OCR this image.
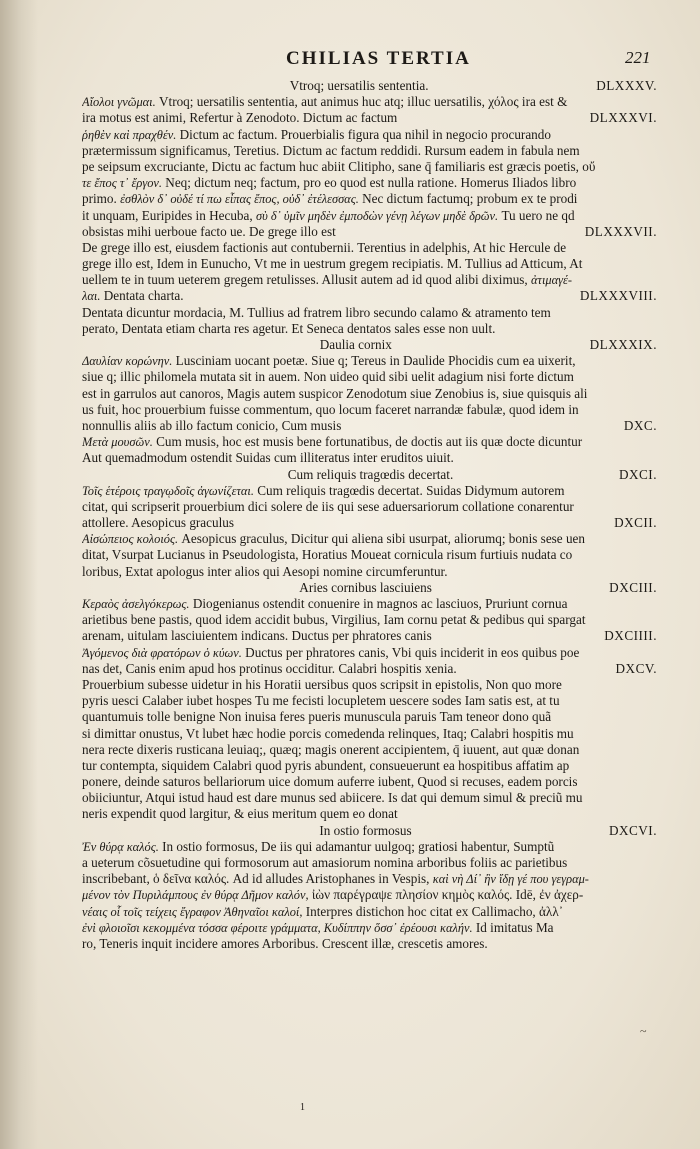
CHILIAS TERTIA	221
Vtroq; uersatilis sententia.	DLXXXV.
Αἴολοι γνῶμαι. Vtroq; uersatilis sententia, aut animus huc atq; illuc uersatilis, χόλος ira est &
ira motus est animi, Refertur à Zenodoto. Dictum ac factum	DLXXXVI.
ῥηθὲν καὶ πραχθέν. Dictum ac factum. Prouerbialis figura qua nihil in negocio procurando
prætermissum significamus, Teretius. Dictum ac factum reddidi. Rursum eadem in fabula nem
pe seipsum excruciante, Dictu ac factum huc abiit Clitipho, sane q̄ familiaris est græcis poetis, οὔ
τε ἔπος τ᾽ ἔργον. Neq; dictum neq; factum, pro eo quod est nulla ratione. Homerus Iliados libro
primo. ἐσθλὸν δ᾽ οὐδέ τί πω εἶπας ἔπος, οὐδ᾽ ἐτέλεσσας. Nec dictum factumq; probum ex te prodi
it unquam, Euripides in Hecuba, σὺ δ᾽ ὑμῖν μηδὲν ἐμποδὼν γένῃ λέγων μηδὲ δρῶν. Tu uero ne qd
obsistas mihi uerboue facto ue. De grege illo est	DLXXXVII.
De grege illo est, eiusdem factionis aut contubernii. Terentius in adelphis, At hic Hercule de
grege illo est, Idem in Eunucho, Vt me in uestrum gregem recipiatis. M. Tullius ad Atticum, At
uellem te in tuum ueterem gregem retulisses. Allusit autem ad id quod alibi diximus, ἀτιμαγέ-
λαι. Dentata charta.	DLXXXVIII.
Dentata dicuntur mordacia, M. Tullius ad fratrem libro secundo calamo & atramento tem
perato, Dentata etiam charta res agetur. Et Seneca dentatos sales esse non uult.
Daulia cornix	DLXXXIX.
Δαυλίαν κορώνην. Lusciniam uocant poetæ. Siue q; Tereus in Daulide Phocidis cum ea uixerit,
siue q; illic philomela mutata sit in auem. Non uideo quid sibi uelit adagium nisi forte dictum
est in garrulos aut canoros, Magis autem suspicor Zenodotum siue Zenobius is, siue quisquis ali
us fuit, hoc prouerbium fuisse commentum, quo locum faceret narrandæ fabulæ, quod idem in
nonnullis aliis ab illo factum conicio, Cum musis	DXC.
Μετὰ μουσῶν. Cum musis, hoc est musis bene fortunatibus, de doctis aut iis quæ docte dicuntur
Aut quemadmodum ostendit Suidas cum illiteratus inter eruditos uiuit.
Cum reliquis tragœdis decertat.	DXCI.
Τοῖς ἑτέροις τραγῳδοῖς ἀγωνίζεται. Cum reliquis tragœdis decertat. Suidas Didymum autorem
citat, qui scripserit prouerbium dici solere de iis qui sese aduersariorum collatione conarentur
attollere. Aesopicus graculus	DXCII.
Αἰσώπειος κολοιός. Aesopicus graculus, Dicitur qui aliena sibi usurpat, aliorumq; bonis sese uen
ditat, Vsurpat Lucianus in Pseudologista, Horatius Moueat cornicula risum furtiuis nudata co
loribus, Extat apologus inter alios qui Aesopi nomine circumferuntur.
Aries cornibus lasciuiens	DXCIII.
Κεραὸς ἀσελγόκερως. Diogenianus ostendit conuenire in magnos ac lasciuos, Pruriunt cornua
arietibus bene pastis, quod idem accidit bubus, Virgilius, Iam cornu petat & pedibus qui spargat
arenam, uitulam lasciuientem indicans. Ductus per phratores canis	DXCIIII.
Ἀγόμενος διὰ φρατόρων ὁ κύων. Ductus per phratores canis, Vbi quis inciderit in eos quibus poe
nas det, Canis enim apud hos protinus occiditur. Calabri hospitis xenia.	DXCV.
Prouerbium subesse uidetur in his Horatii uersibus quos scripsit in epistolis, Non quo more
pyris uesci Calaber iubet hospes Tu me fecisti locupletem uescere sodes Iam satis est, at tu
quantumuis tolle benigne Non inuisa feres pueris munuscula paruis Tam teneor dono quã
si dimittar onustus, Vt lubet hæc hodie porcis comedenda relinques, Itaq; Calabri hospitis mu
nera recte dixeris rusticana leuiaq;, quæq; magis onerent accipientem, q̄ iuuent, aut quæ donan
tur contempta, siquidem Calabri quod pyris abundent, consueuerunt ea hospitibus affatim ap
ponere, deinde saturos bellariorum uice domum auferre iubent, Quod si recuses, eadem porcis
obiiciuntur, Atqui istud haud est dare munus sed abiicere. Is dat qui demum simul & preciũ mu
neris expendit quod largitur, & eius meritum quem eo donat
In ostio formosus	DXCVI.
Ἐν θύρᾳ καλός. In ostio formosus, De iis qui adamantur uulgoq; gratiosi habentur, Sumptũ
a ueterum cõsuetudine qui formosorum aut amasiorum nomina arboribus foliis ac parietibus
inscribebant, ὁ δεῖνα καλός. Ad id alludes Aristophanes in Vespis, καὶ νὴ Δί᾽ ἢν ἴδῃ γέ που γεγραμ-
μένον τὸν Πυριλάμπους ἐν θύρᾳ Δῆμον καλόν, ἰὼν παρέγραψε πλησίον κημὸς καλός. Idē, ἐν ἀχερ-
νέαις οἷ τοῖς τείχεις ἔγραφον Ἀθηναῖοι καλοί, Interpres distichon hoc citat ex Callimacho, ἀλλ᾽
ἐνὶ φλοιοῖσι κεκομμένα τόσσα φέροιτε γράμματα, Κυδίππην ὅσσ᾽ ἐρέουσι καλήν. Id imitatus Ma
ro, Teneris inquit incidere amores Arboribus. Crescent illæ, crescetis amores.
1
~
